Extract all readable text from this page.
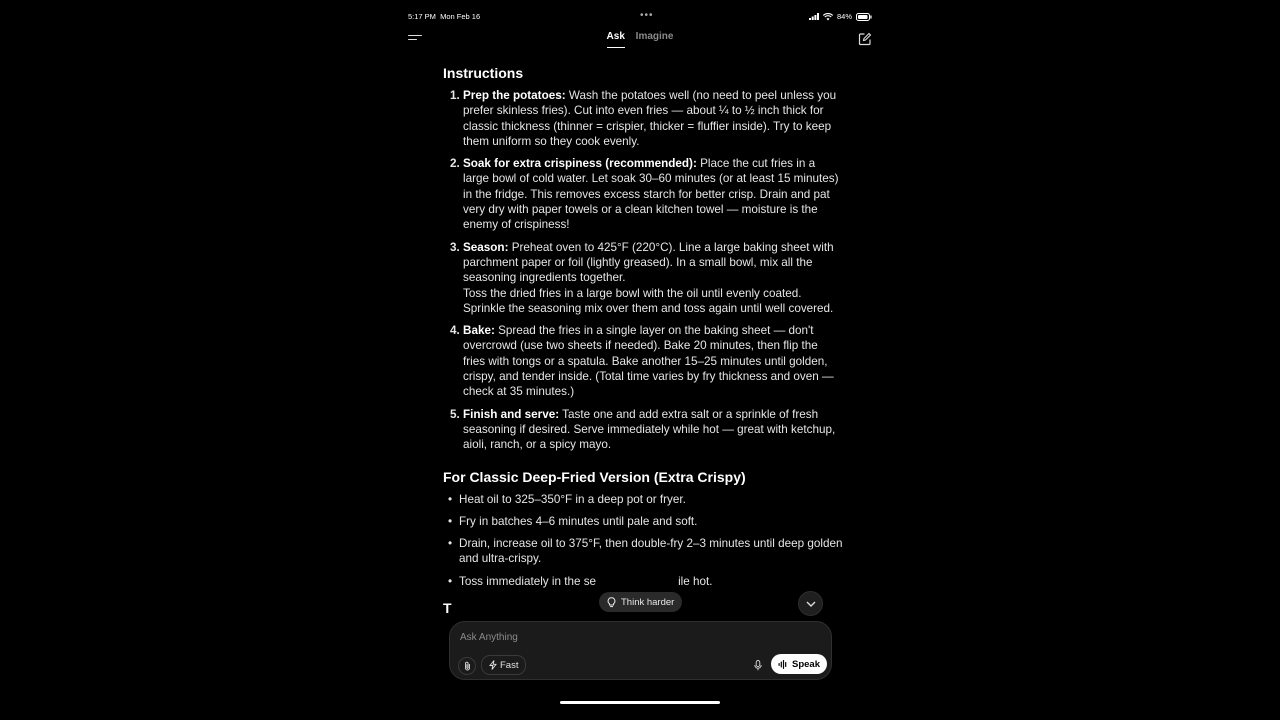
5:17 PM Mon Feb 16	•••	84%
Ask Imagine
Instructions
1. Prep the potatoes: Wash the potatoes well (no need to peel unless you prefer skinless fries). Cut into even fries — about ¼ to ½ inch thick for classic thickness (thinner = crispier, thicker = fluffier inside). Try to keep them uniform so they cook evenly.
2. Soak for extra crispiness (recommended): Place the cut fries in a large bowl of cold water. Let soak 30–60 minutes (or at least 15 minutes) in the fridge. This removes excess starch for better crisp. Drain and pat very dry with paper towels or a clean kitchen towel — moisture is the enemy of crispiness!
3. Season: Preheat oven to 425°F (220°C). Line a large baking sheet with parchment paper or foil (lightly greased). In a small bowl, mix all the seasoning ingredients together.
Toss the dried fries in a large bowl with the oil until evenly coated. Sprinkle the seasoning mix over them and toss again until well covered.
4. Bake: Spread the fries in a single layer on the baking sheet — don't overcrowd (use two sheets if needed). Bake 20 minutes, then flip the fries with tongs or a spatula. Bake another 15–25 minutes until golden, crispy, and tender inside. (Total time varies by fry thickness and oven — check at 35 minutes.)
5. Finish and serve: Taste one and add extra salt or a sprinkle of fresh seasoning if desired. Serve immediately while hot — great with ketchup, aioli, ranch, or a spicy mayo.
For Classic Deep-Fried Version (Extra Crispy)
• Heat oil to 325–350°F in a deep pot or fryer.
• Fry in batches 4–6 minutes until pale and soft.
• Drain, increase oil to 375°F, then double-fry 2–3 minutes until deep golden and ultra-crispy.
• Toss immediately in the se	ile hot.
T	Think harder
Ask Anything
Fast	Speak
